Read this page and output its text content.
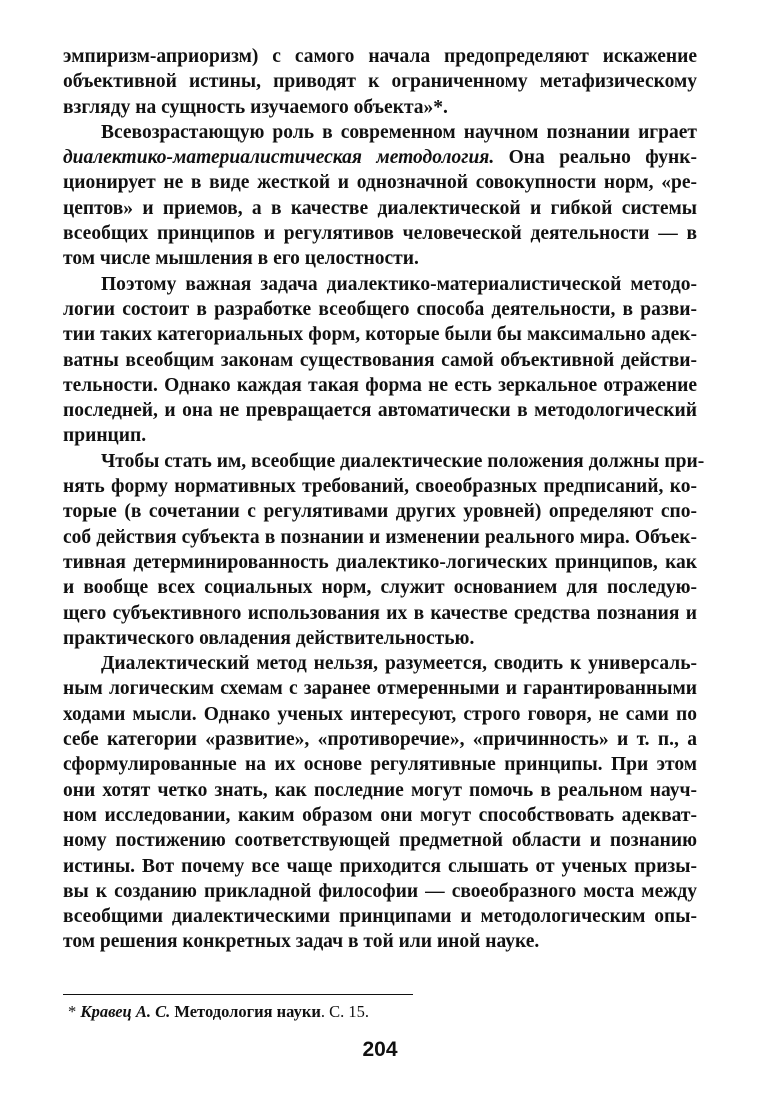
эмпиризм-априоризм) с самого начала предопределяют искажение
объективной истины, приводят к ограниченному метафизическому
взгляду на сущность изучаемого объекта»*.
Всевозрастающую роль в современном научном познании играет
диалектико-материалистическая методология. Она реально функ-
ционирует не в виде жесткой и однозначной совокупности норм, «ре-
цептов» и приемов, а в качестве диалектической и гибкой системы
всеобщих принципов и регулятивов человеческой деятельности — в
том числе мышления в его целостности.
Поэтому важная задача диалектико-материалистической методо-
логии состоит в разработке всеобщего способа деятельности, в разви-
тии таких категориальных форм, которые были бы максимально адек-
ватны всеобщим законам существования самой объективной действи-
тельности. Однако каждая такая форма не есть зеркальное отражение
последней, и она не превращается автоматически в методологический
принцип.
Чтобы стать им, всеобщие диалектические положения должны при-
нять форму нормативных требований, своеобразных предписаний, ко-
торые (в сочетании с регулятивами других уровней) определяют спо-
соб действия субъекта в познании и изменении реального мира. Объек-
тивная детерминированность диалектико-логических принципов, как
и вообще всех социальных норм, служит основанием для последую-
щего субъективного использования их в качестве средства познания и
практического овладения действительностью.
Диалектический метод нельзя, разумеется, сводить к универсаль-
ным логическим схемам с заранее отмеренными и гарантированными
ходами мысли. Однако ученых интересуют, строго говоря, не сами по
себе категории «развитие», «противоречие», «причинность» и т. п., а
сформулированные на их основе регулятивные принципы. При этом
они хотят четко знать, как последние могут помочь в реальном науч-
ном исследовании, каким образом они могут способствовать адекват-
ному постижению соответствующей предметной области и познанию
истины. Вот почему все чаще приходится слышать от ученых призы-
вы к созданию прикладной философии — своеобразного моста между
всеобщими диалектическими принципами и методологическим опы-
том решения конкретных задач в той или иной науке.
* Кравец А. С. Методология науки. С. 15.
204
